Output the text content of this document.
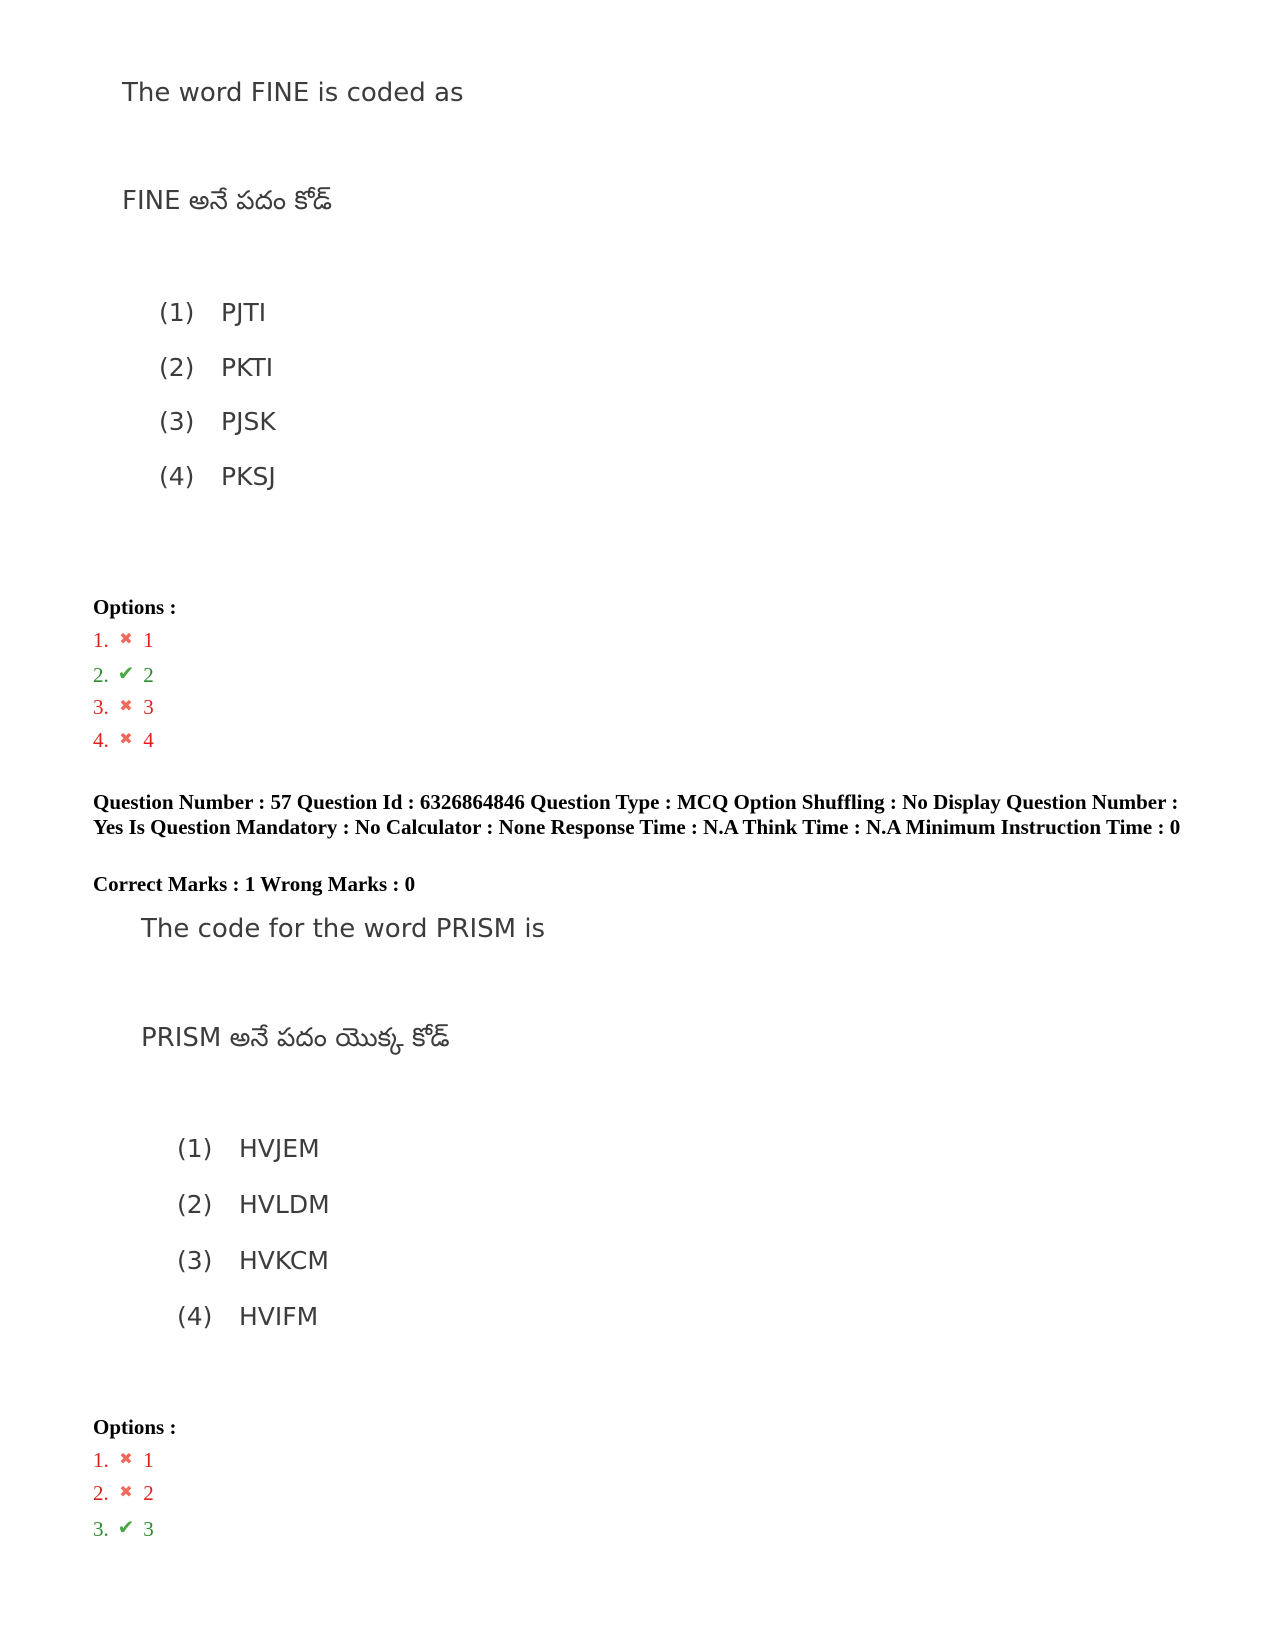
The word FINE is coded as
FINE అనే పదం కోడ్
(1) PJTI
(2) PKTI
(3) PJSK
(4) PKSJ
Options :
1. ✖ 1
2. ✔ 2
3. ✖ 3
4. ✖ 4
Question Number : 57 Question Id : 6326864846 Question Type : MCQ Option Shuffling : No Display Question Number : Yes Is Question Mandatory : No Calculator : None Response Time : N.A Think Time : N.A Minimum Instruction Time : 0
Correct Marks : 1 Wrong Marks : 0
The code for the word PRISM is
PRISM అనే పదం యొక్క కోడ్
(1) HVJEM
(2) HVLDM
(3) HVKCM
(4) HVIFM
Options :
1. ✖ 1
2. ✖ 2
3. ✔ 3
